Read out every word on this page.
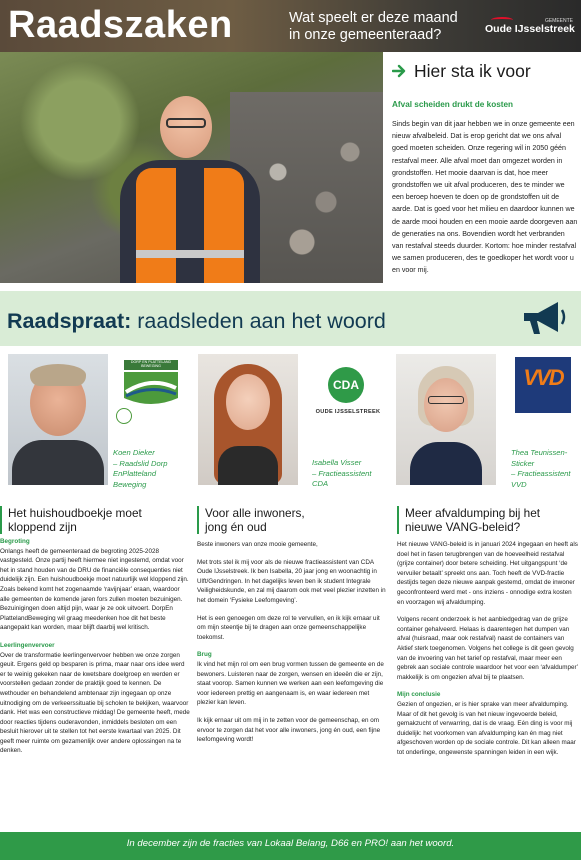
Raadszaken	Wat speelt er deze maand in onze gemeenteraad?
GEMEENTE
Oude IJsselstreek
Hier sta ik voor
Afval scheiden drukt de kosten
Sinds begin van dit jaar hebben we in onze gemeente een nieuw afvalbeleid. Dat is erop gericht dat we ons afval goed moeten scheiden. Onze regering wil in 2050 géén restafval meer. Alle afval moet dan omgezet worden in grondstoffen. Het mooie daarvan is dat, hoe meer grondstoffen we uit afval produceren, des te minder we een beroep hoeven te doen op de grondstoffen uit de aarde. Dat is goed voor het milieu en daardoor kunnen we de aarde mooi houden en een mooie aarde doorgeven aan de generaties na ons. Bovendien wordt het verbranden van restafval steeds duurder. Kortom: hoe minder restafval we samen produceren, des te goedkoper het wordt voor u en voor mij.
Raadspraat: raadsleden aan het woord
DORP EN PLATTELAND BEWEGING
Koen Dieker
– Raadslid Dorp
EnPlatteland
Beweging
CDA
OUDE IJSSELSTREEK
Isabella Visser
– Fractieassistent
CDA
VVD
Thea Teunissen-
Sticker
– Fractieassistent
VVD
Het huishoudboekje moet
kloppend zijn
Voor alle inwoners,
jong én oud
Meer afvaldumping bij het
nieuwe VANG-beleid?

Begroting
Onlangs heeft de gemeenteraad de begroting 2025-2028 vastgesteld. Onze partij heeft hiermee niet ingestemd, omdat voor het in stand houden van de DRU de financiële consequenties niet duidelijk zijn. Een huishoudboekje moet natuurlijk wel kloppend zijn. Zoals bekend komt het zogenaamde ‘ravijnjaar’ eraan, waardoor alle gemeenten de komende jaren fors zullen moeten bezuinigen. Bezuinigingen doen altijd pijn, waar je ze ook uitvoert. DorpEn PlattelandBeweging wil graag meedenken hoe dit het beste aangepakt kan worden, maar blijft daarbij wel kritisch.

Leerlingenvervoer
Over de transformatie leerlingenvervoer hebben we onze zorgen geuit. Ergens geld op besparen is prima, maar naar ons idee werd er te weinig gekeken naar de kwetsbare doelgroep en werden er voorstellen gedaan zonder de praktijk goed te kennen. De wethouder en behandelend ambtenaar zijn ingegaan op onze uitnodiging om de verkeerssituatie bij scholen te bekijken, waarvoor dank. Het was een constructieve middag! De gemeente heeft, mede door reacties tijdens ouderavonden, inmiddels besloten om een besluit hierover uit te stellen tot het eerste kwartaal van 2025. Dit geeft meer ruimte om gezamenlijk over andere oplossingen na te denken.

Beste inwoners van onze mooie gemeente,

Met trots stel ik mij voor als de nieuwe fractieassistent van CDA Oude IJsselstreek. Ik ben Isabella, 20 jaar jong en woonachtig in Ulft/Gendringen. In het dagelijks leven ben ik student Integrale Veiligheidskunde, en zal mij daarom ook met veel plezier inzetten in het domein ‘Fysieke Leefomgeving’.

Het is een genoegen om deze rol te vervullen, en ik kijk ernaar uit om mijn steentje bij te dragen aan onze gemeenschappelijke toekomst.

Brug
Ik vind het mijn rol om een brug vormen tussen de gemeente en de bewoners. Luisteren naar de zorgen, wensen en ideeën die er zijn, staat voorop. Samen kunnen we werken aan een leefomgeving die voor iedereen prettig en aangenaam is, en waar iedereen met plezier kan leven.

Ik kijk ernaar uit om mij in te zetten voor de gemeenschap, en om ervoor te zorgen dat het voor alle inwoners, jong én oud, een fijne leefomgeving wordt!

Het nieuwe VANG-beleid is in januari 2024 ingegaan en heeft als doel het in fasen terugbrengen van de hoeveelheid restafval (grijze container) door betere scheiding. Het uitgangspunt ‘de vervuiler betaalt’ spreekt ons aan. Toch heeft de VVD-fractie destijds tegen deze nieuwe aanpak gestemd, omdat de inwoner geconfronteerd werd met - ons inziens - onnodige extra kosten en voorzagen wij afvaldumping.

Volgens recent onderzoek is het aanbiedgedrag van de grijze container gehalveerd. Helaas is daarentegen het dumpen van afval (huisraad, maar ook restafval) naast de containers van Aktief sterk toegenomen. Volgens het college is dit geen gevolg van de invoering van het tarief op restafval, maar meer een gebrek aan sociale controle waardoor het voor een ‘afvaldumper’ makkelijk is om ongezien afval bij te plaatsen.

Mijn conclusie
Gezien of ongezien, er is hier sprake van meer afvaldumping. Maar of dit het gevolg is van het nieuw ingevoerde beleid, gemakzucht of verwarring, dat is de vraag. Eén ding is voor mij duidelijk: het voorkomen van afvaldumping kan én mag niet afgeschoven worden op de sociale controle. Dit kan alleen maar tot onderlinge, ongewenste spanningen leiden in een wijk.

In december zijn de fracties van Lokaal Belang, D66 en PRO! aan het woord.
